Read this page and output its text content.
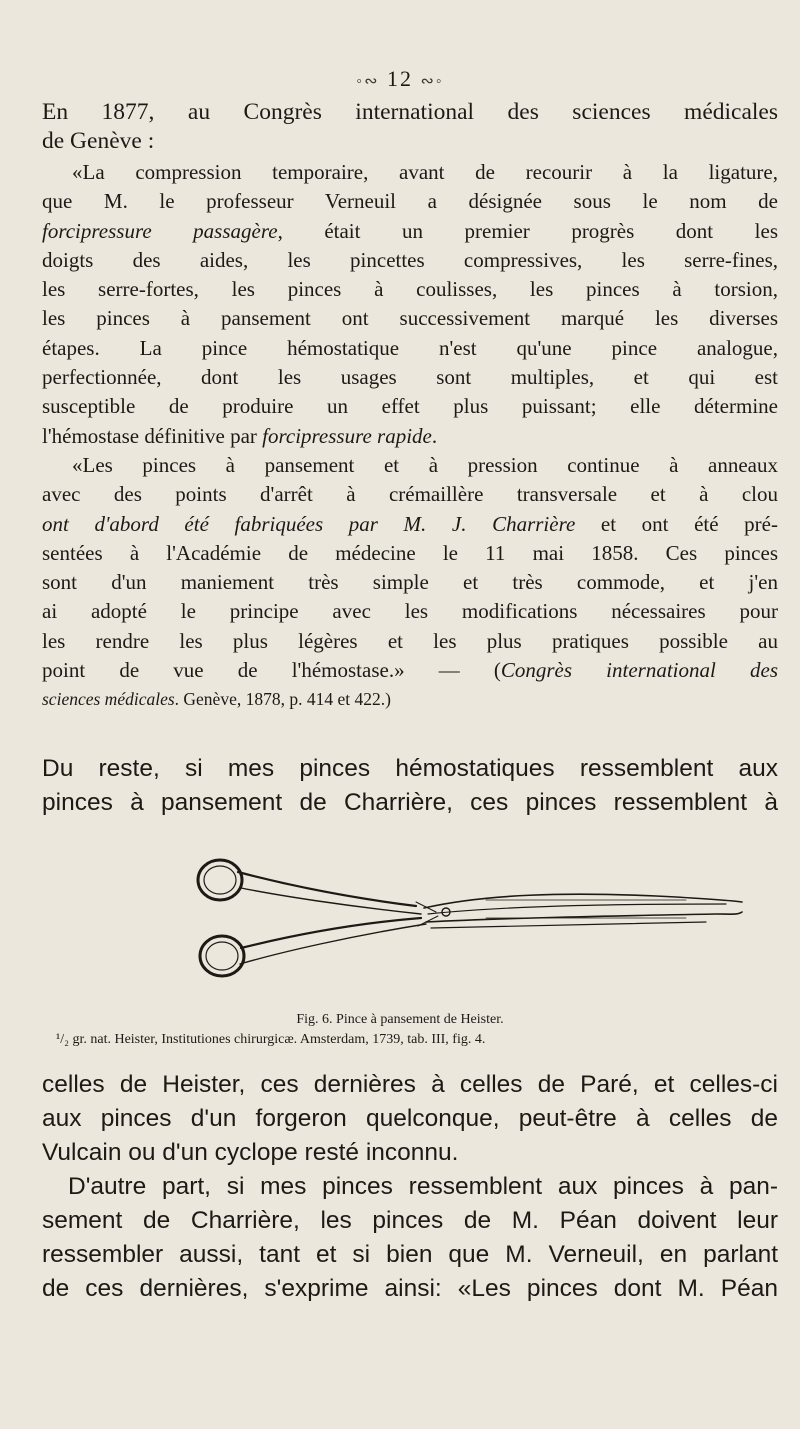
◦∾ 12 ∾◦
En 1877, au Congrès international des sciences médicales
de Genève :
«La compression temporaire, avant de recourir à la ligature,
que M. le professeur Verneuil a désignée sous le nom de
forcipressure passagère, était un premier progrès dont les
doigts des aides, les pincettes compressives, les serre-fines,
les serre-fortes, les pinces à coulisses, les pinces à torsion,
les pinces à pansement ont successivement marqué les diverses
étapes. La pince hémostatique n'est qu'une pince analogue,
perfectionnée, dont les usages sont multiples, et qui est
susceptible de produire un effet plus puissant; elle détermine
l'hémostase définitive par forcipressure rapide.
«Les pinces à pansement et à pression continue à anneaux
avec des points d'arrêt à crémaillère transversale et à clou
ont d'abord été fabriquées par M. J. Charrière et ont été pré-
sentées à l'Académie de médecine le 11 mai 1858. Ces pinces
sont d'un maniement très simple et très commode, et j'en
ai adopté le principe avec les modifications nécessaires pour
les rendre les plus légères et les plus pratiques possible au
point de vue de l'hémostase.» — (Congrès international des
sciences médicales. Genève, 1878, p. 414 et 422.)
Du reste, si mes pinces hémostatiques ressemblent aux
pinces à pansement de Charrière, ces pinces ressemblent à
Fig. 6. Pince à pansement de Heister.
¹/₂ gr. nat. Heister, Institutiones chirurgicæ. Amsterdam, 1739, tab. III, fig. 4.
celles de Heister, ces dernières à celles de Paré, et celles-ci
aux pinces d'un forgeron quelconque, peut-être à celles de
Vulcain ou d'un cyclope resté inconnu.
D'autre part, si mes pinces ressemblent aux pinces à pan-
sement de Charrière, les pinces de M. Péan doivent leur
ressembler aussi, tant et si bien que M. Verneuil, en parlant
de ces dernières, s'exprime ainsi: «Les pinces dont M. Péan
